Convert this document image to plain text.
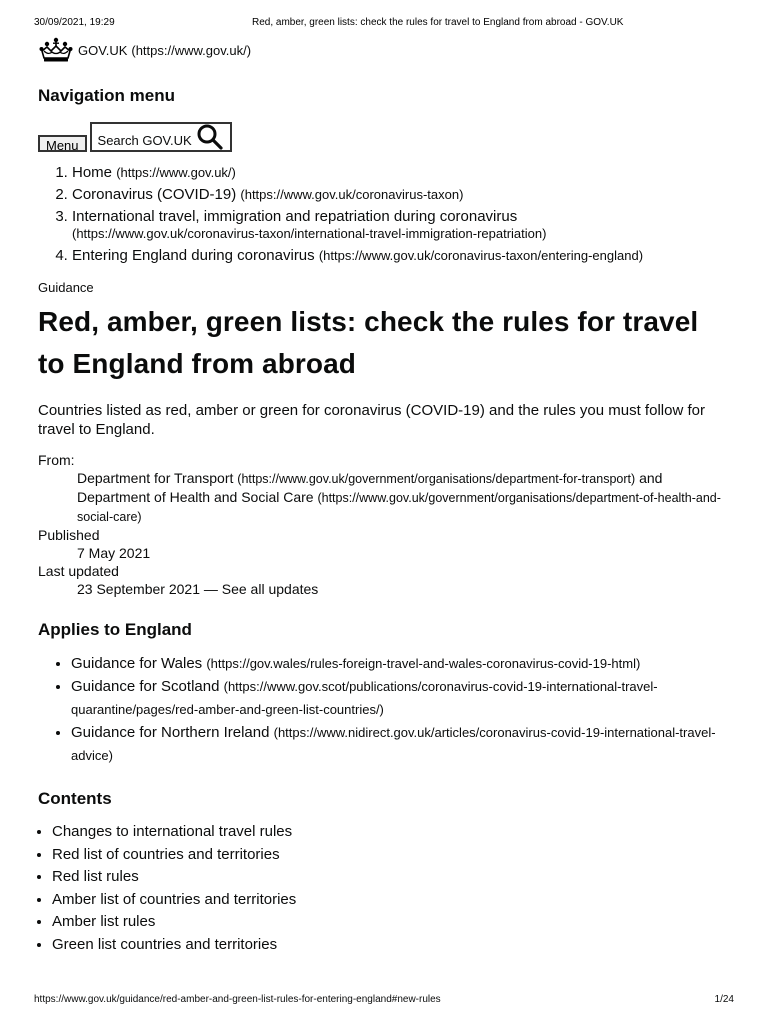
30/09/2021, 19:29	Red, amber, green lists: check the rules for travel to England from abroad - GOV.UK
GOV.UK (https://www.gov.uk/)
Navigation menu
Menu	Search GOV.UK
1. Home (https://www.gov.uk/)
2. Coronavirus (COVID-19) (https://www.gov.uk/coronavirus-taxon)
3. International travel, immigration and repatriation during coronavirus
(https://www.gov.uk/coronavirus-taxon/international-travel-immigration-repatriation)
4. Entering England during coronavirus (https://www.gov.uk/coronavirus-taxon/entering-england)
Guidance
Red, amber, green lists: check the rules for travel to England from abroad

Countries listed as red, amber or green for coronavirus (COVID-19) and the rules you must follow for travel to England.

From:
Department for Transport (https://www.gov.uk/government/organisations/department-for-transport) and Department of Health and Social Care (https://www.gov.uk/government/organisations/department-of-health-and-social-care)
Published
7 May 2021
Last updated
23 September 2021 — See all updates
Applies to England
• Guidance for Wales (https://gov.wales/rules-foreign-travel-and-wales-coronavirus-covid-19-html)
• Guidance for Scotland (https://www.gov.scot/publications/coronavirus-covid-19-international-travel-quarantine/pages/red-amber-and-green-list-countries/)
• Guidance for Northern Ireland (https://www.nidirect.gov.uk/articles/coronavirus-covid-19-international-travel-advice)
Contents
• Changes to international travel rules
• Red list of countries and territories
• Red list rules
• Amber list of countries and territories
• Amber list rules
• Green list countries and territories
https://www.gov.uk/guidance/red-amber-and-green-list-rules-for-entering-england#new-rules	1/24
